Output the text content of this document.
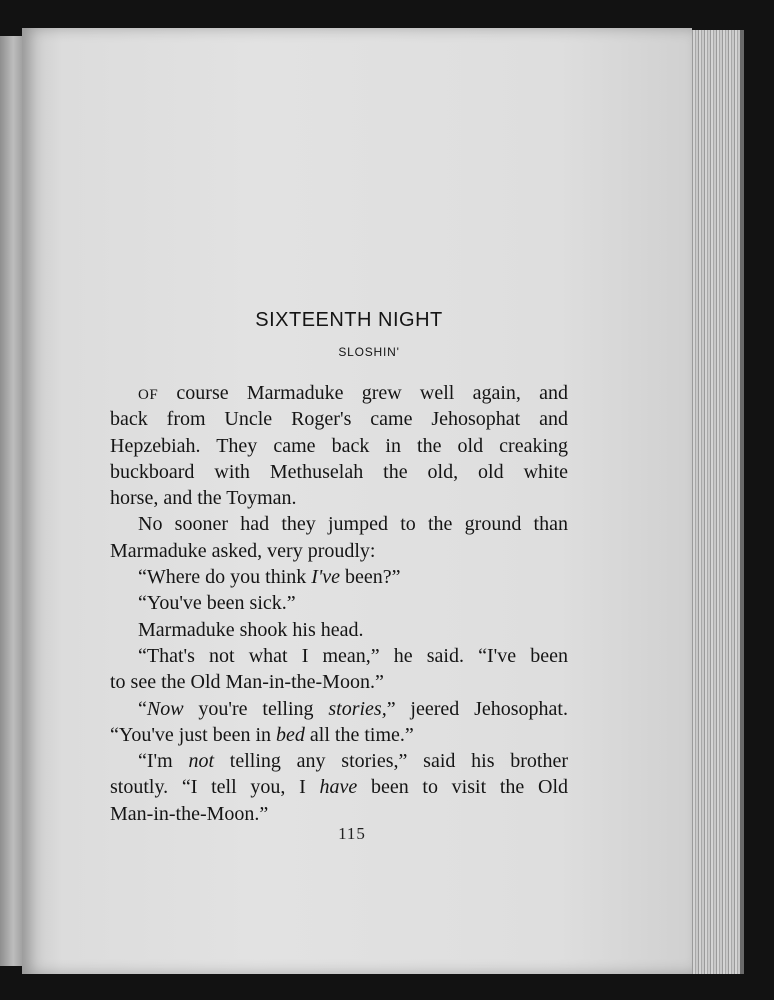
SIXTEENTH NIGHT
SLOSHIN'
OF course Marmaduke grew well again, and
back from Uncle Roger's came Jehosophat and
Hepzebiah. They came back in the old creaking
buckboard with Methuselah the old, old white
horse, and the Toyman.
No sooner had they jumped to the ground than
Marmaduke asked, very proudly:
“Where do you think I've been?”
“You've been sick.”
Marmaduke shook his head.
“That's not what I mean,” he said. “I've been
to see the Old Man-in-the-Moon.”
“Now you're telling stories,” jeered Jehosophat.
“You've just been in bed all the time.”
“I'm not telling any stories,” said his brother
stoutly. “I tell you, I have been to visit the Old
Man-in-the-Moon.”
115
